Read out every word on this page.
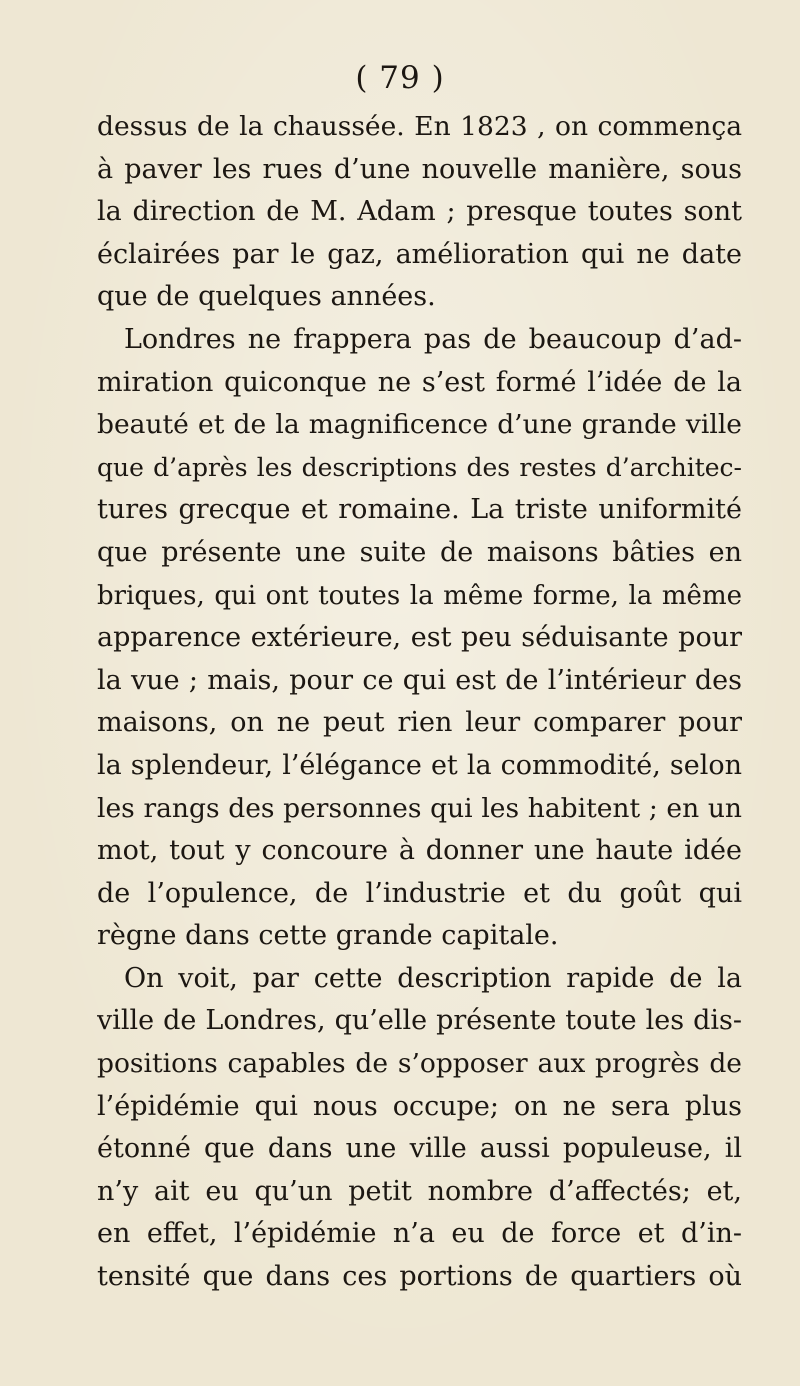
( 79 )
dessus de la chaussée. En 1823 , on commença
à paver les rues d’une nouvelle manière, sous
la direction de M. Adam ; presque toutes sont
éclairées par le gaz, amélioration qui ne date
que de quelques années.
Londres ne frappera pas de beaucoup d’ad-
miration quiconque ne s’est formé l’idée de la
beauté et de la magnificence d’une grande ville
que d’après les descriptions des restes d’architec-
tures grecque et romaine. La triste uniformité
que présente une suite de maisons bâties en
briques, qui ont toutes la même forme, la même
apparence extérieure, est peu séduisante pour
la vue ; mais, pour ce qui est de l’intérieur des
maisons, on ne peut rien leur comparer pour
la splendeur, l’élégance et la commodité, selon
les rangs des personnes qui les habitent ; en un
mot, tout y concoure à donner une haute idée
de l’opulence, de l’industrie et du goût qui
règne dans cette grande capitale.
On voit, par cette description rapide de la
ville de Londres, qu’elle présente toute les dis-
positions capables de s’opposer aux progrès de
l’épidémie qui nous occupe; on ne sera plus
étonné que dans une ville aussi populeuse, il
n’y ait eu qu’un petit nombre d’affectés; et,
en effet, l’épidémie n’a eu de force et d’in-
tensité que dans ces portions de quartiers où
